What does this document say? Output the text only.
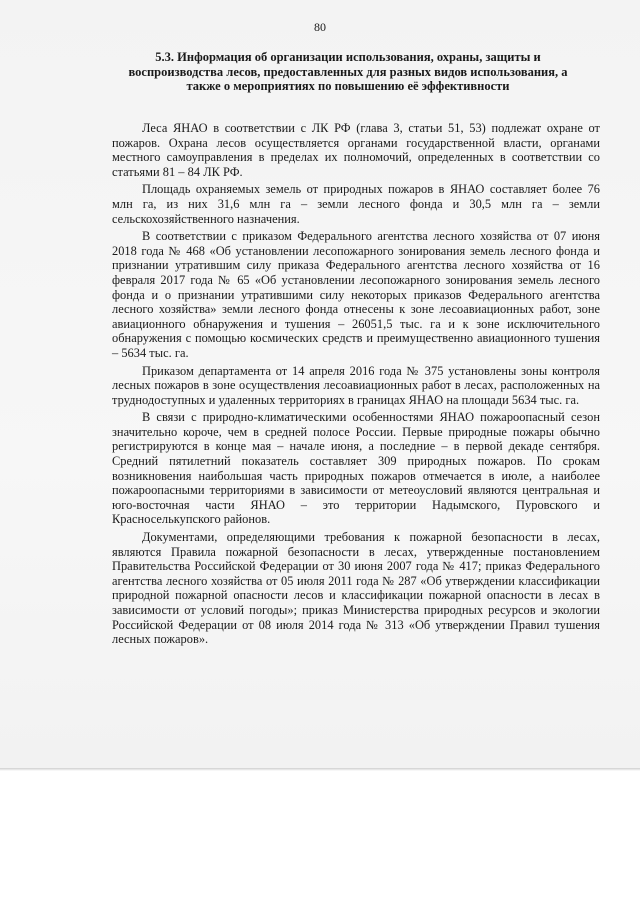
80
5.3. Информация об организации использования, охраны, защиты и воспроизводства лесов, предоставленных для разных видов использования, а также о мероприятиях по повышению её эффективности

Леса ЯНАО в соответствии с ЛК РФ (глава 3, статьи 51, 53) подлежат охране от пожаров. Охрана лесов осуществляется органами государственной власти, органами местного самоуправления в пределах их полномочий, определенных в соответствии со статьями 81 – 84 ЛК РФ.

Площадь охраняемых земель от природных пожаров в ЯНАО составляет более 76 млн га, из них 31,6 млн га – земли лесного фонда и 30,5 млн га – земли сельскохозяйственного назначения.

В соответствии с приказом Федерального агентства лесного хозяйства от 07 июня 2018 года № 468 «Об установлении лесопожарного зонирования земель лесного фонда и признании утратившим силу приказа Федерального агентства лесного хозяйства от 16 февраля 2017 года № 65 «Об установлении лесопожарного зонирования земель лесного фонда и о признании утратившими силу некоторых приказов Федерального агентства лесного хозяйства» земли лесного фонда отнесены к зоне лесоавиационных работ, зоне авиационного обнаружения и тушения – 26051,5 тыс. га и к зоне исключительного обнаружения с помощью космических средств и преимущественно авиационного тушения – 5634 тыс. га.

Приказом департамента от 14 апреля 2016 года № 375 установлены зоны контроля лесных пожаров в зоне осуществления лесоавиационных работ в лесах, расположенных на труднодоступных и удаленных территориях в границах ЯНАО на площади 5634 тыс. га.

В связи с природно-климатическими особенностями ЯНАО пожароопасный сезон значительно короче, чем в средней полосе России. Первые природные пожары обычно регистрируются в конце мая – начале июня, а последние – в первой декаде сентября. Средний пятилетний показатель составляет 309 природных пожаров. По срокам возникновения наибольшая часть природных пожаров отмечается в июле, а наиболее пожароопасными территориями в зависимости от метеоусловий являются центральная и юго-восточная части ЯНАО – это территории Надымского, Пуровского и Красноселькупского районов.

Документами, определяющими требования к пожарной безопасности в лесах, являются Правила пожарной безопасности в лесах, утвержденные постановлением Правительства Российской Федерации от 30 июня 2007 года № 417; приказ Федерального агентства лесного хозяйства от 05 июля 2011 года № 287 «Об утверждении классификации природной пожарной опасности лесов и классификации пожарной опасности в лесах в зависимости от условий погоды»; приказ Министерства природных ресурсов и экологии Российской Федерации от 08 июля 2014 года № 313 «Об утверждении Правил тушения лесных пожаров».
